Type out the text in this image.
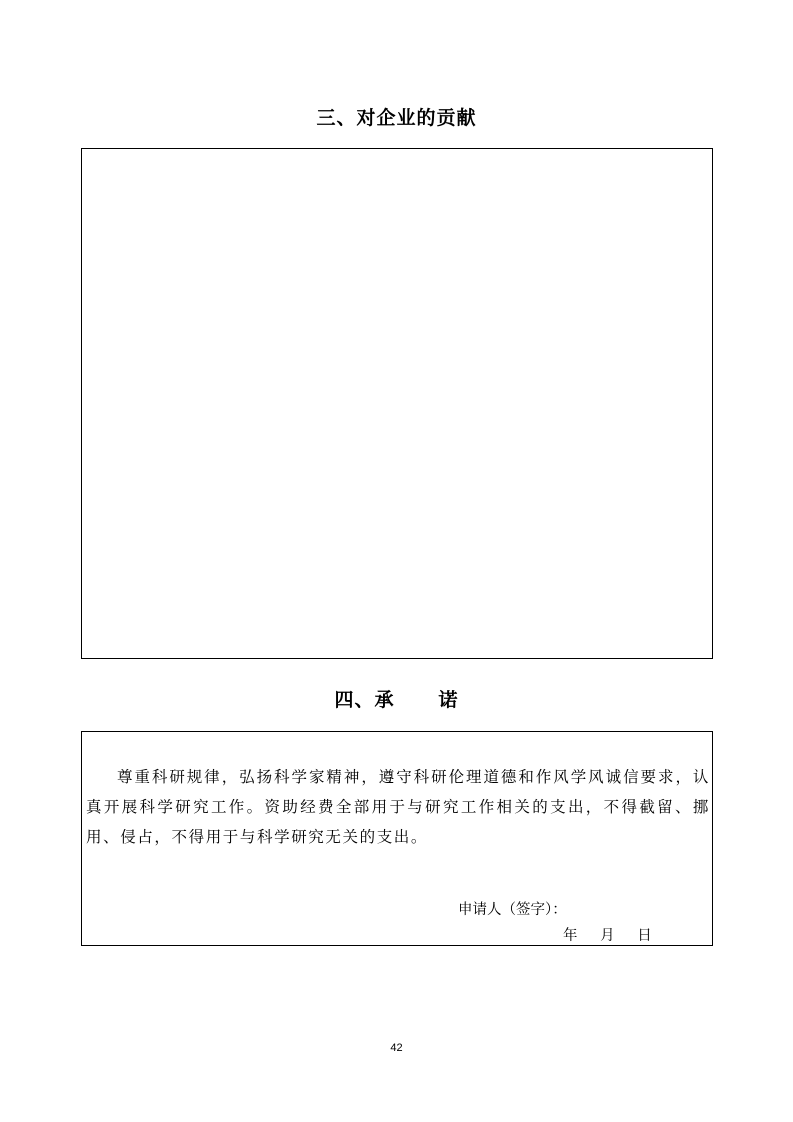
三、对企业的贡献
四、承 诺

尊重科研规律，弘扬科学家精神，遵守科研伦理道德和作风学风诚信要求，认真开展科学研究工作。资助经费全部用于与研究工作相关的支出，不得截留、挪用、侵占，不得用于与科学研究无关的支出。

申请人（签字）：
年 月 日
42
